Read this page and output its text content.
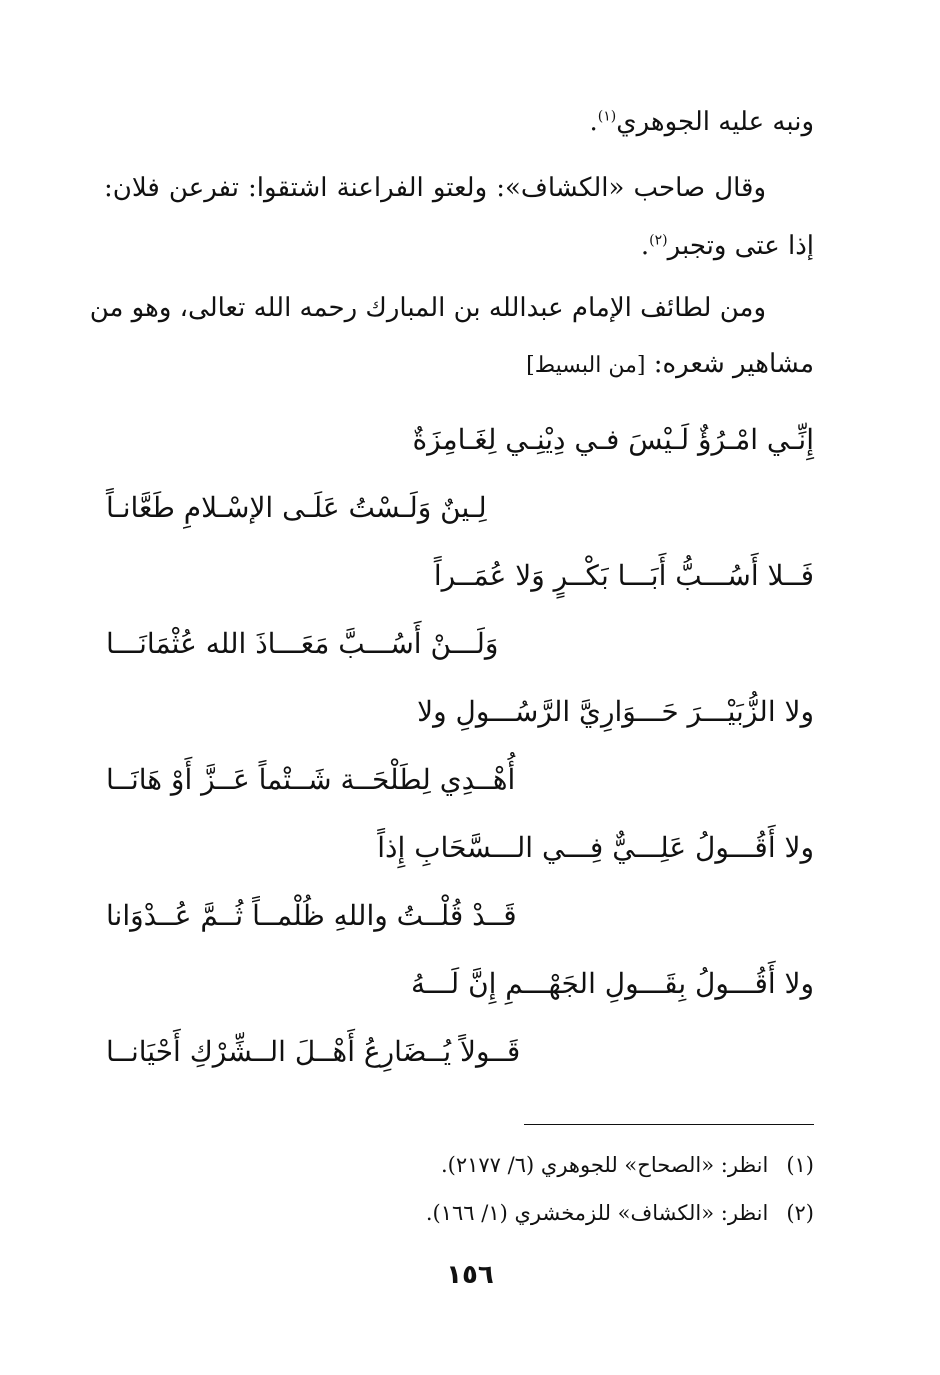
ونبه عليه الجوهري$^{(١)}$.
وقال صاحب «الكشاف»: ولعتو الفراعنة اشتقوا: تفرعن فلان:
إذا عتى وتجبر$^{(٢)}$.
ومن لطائف الإمام عبدالله بن المبارك رحمه الله تعالى، وهو من
مشاهير شعره: [من البسيط]
إِنِّـي امْـرُؤٌ لَـيْسَ فـي دِيْنِـي لِغَـامِزَةٌ
لِـينٌ وَلَـسْتُ عَلَـى الإسْـلامِ طَعَّانـاً
فَــلا أَسُـــبُّ أَبَـــا بَكْــرٍ وَلا عُمَــراً
وَلَـــنْ أَسُـــبَّ مَعَـــاذَ الله عُثْمَانَـــا
ولا الزُّبَيْـــرَ حَـــوَارِيَّ الرَّسُـــولِ ولا
أُهْــدِي لِطَلْحَــة شَــتْماً عَــزَّ أَوْ هَانَــا
ولا أَقُـــولُ عَلِـــيٌّ فِـــي الـــسَّحَابِ إِذاً
قَــدْ قُلْــتُ واللهِ ظُلْمــاً ثُــمَّ عُــدْوَانا
ولا أَقُـــولُ بِقَـــولِ الجَهْـــمِ إِنَّ لَـــهُ
قَــولاً يُــضَارِعُ أَهْــلَ الــشِّرْكِ أَحْيَانــا
(١)انظر: «الصحاح» للجوهري (٦/ ٢١٧٧).
(٢)انظر: «الكشاف» للزمخشري (١/ ١٦٦).
١٥٦
